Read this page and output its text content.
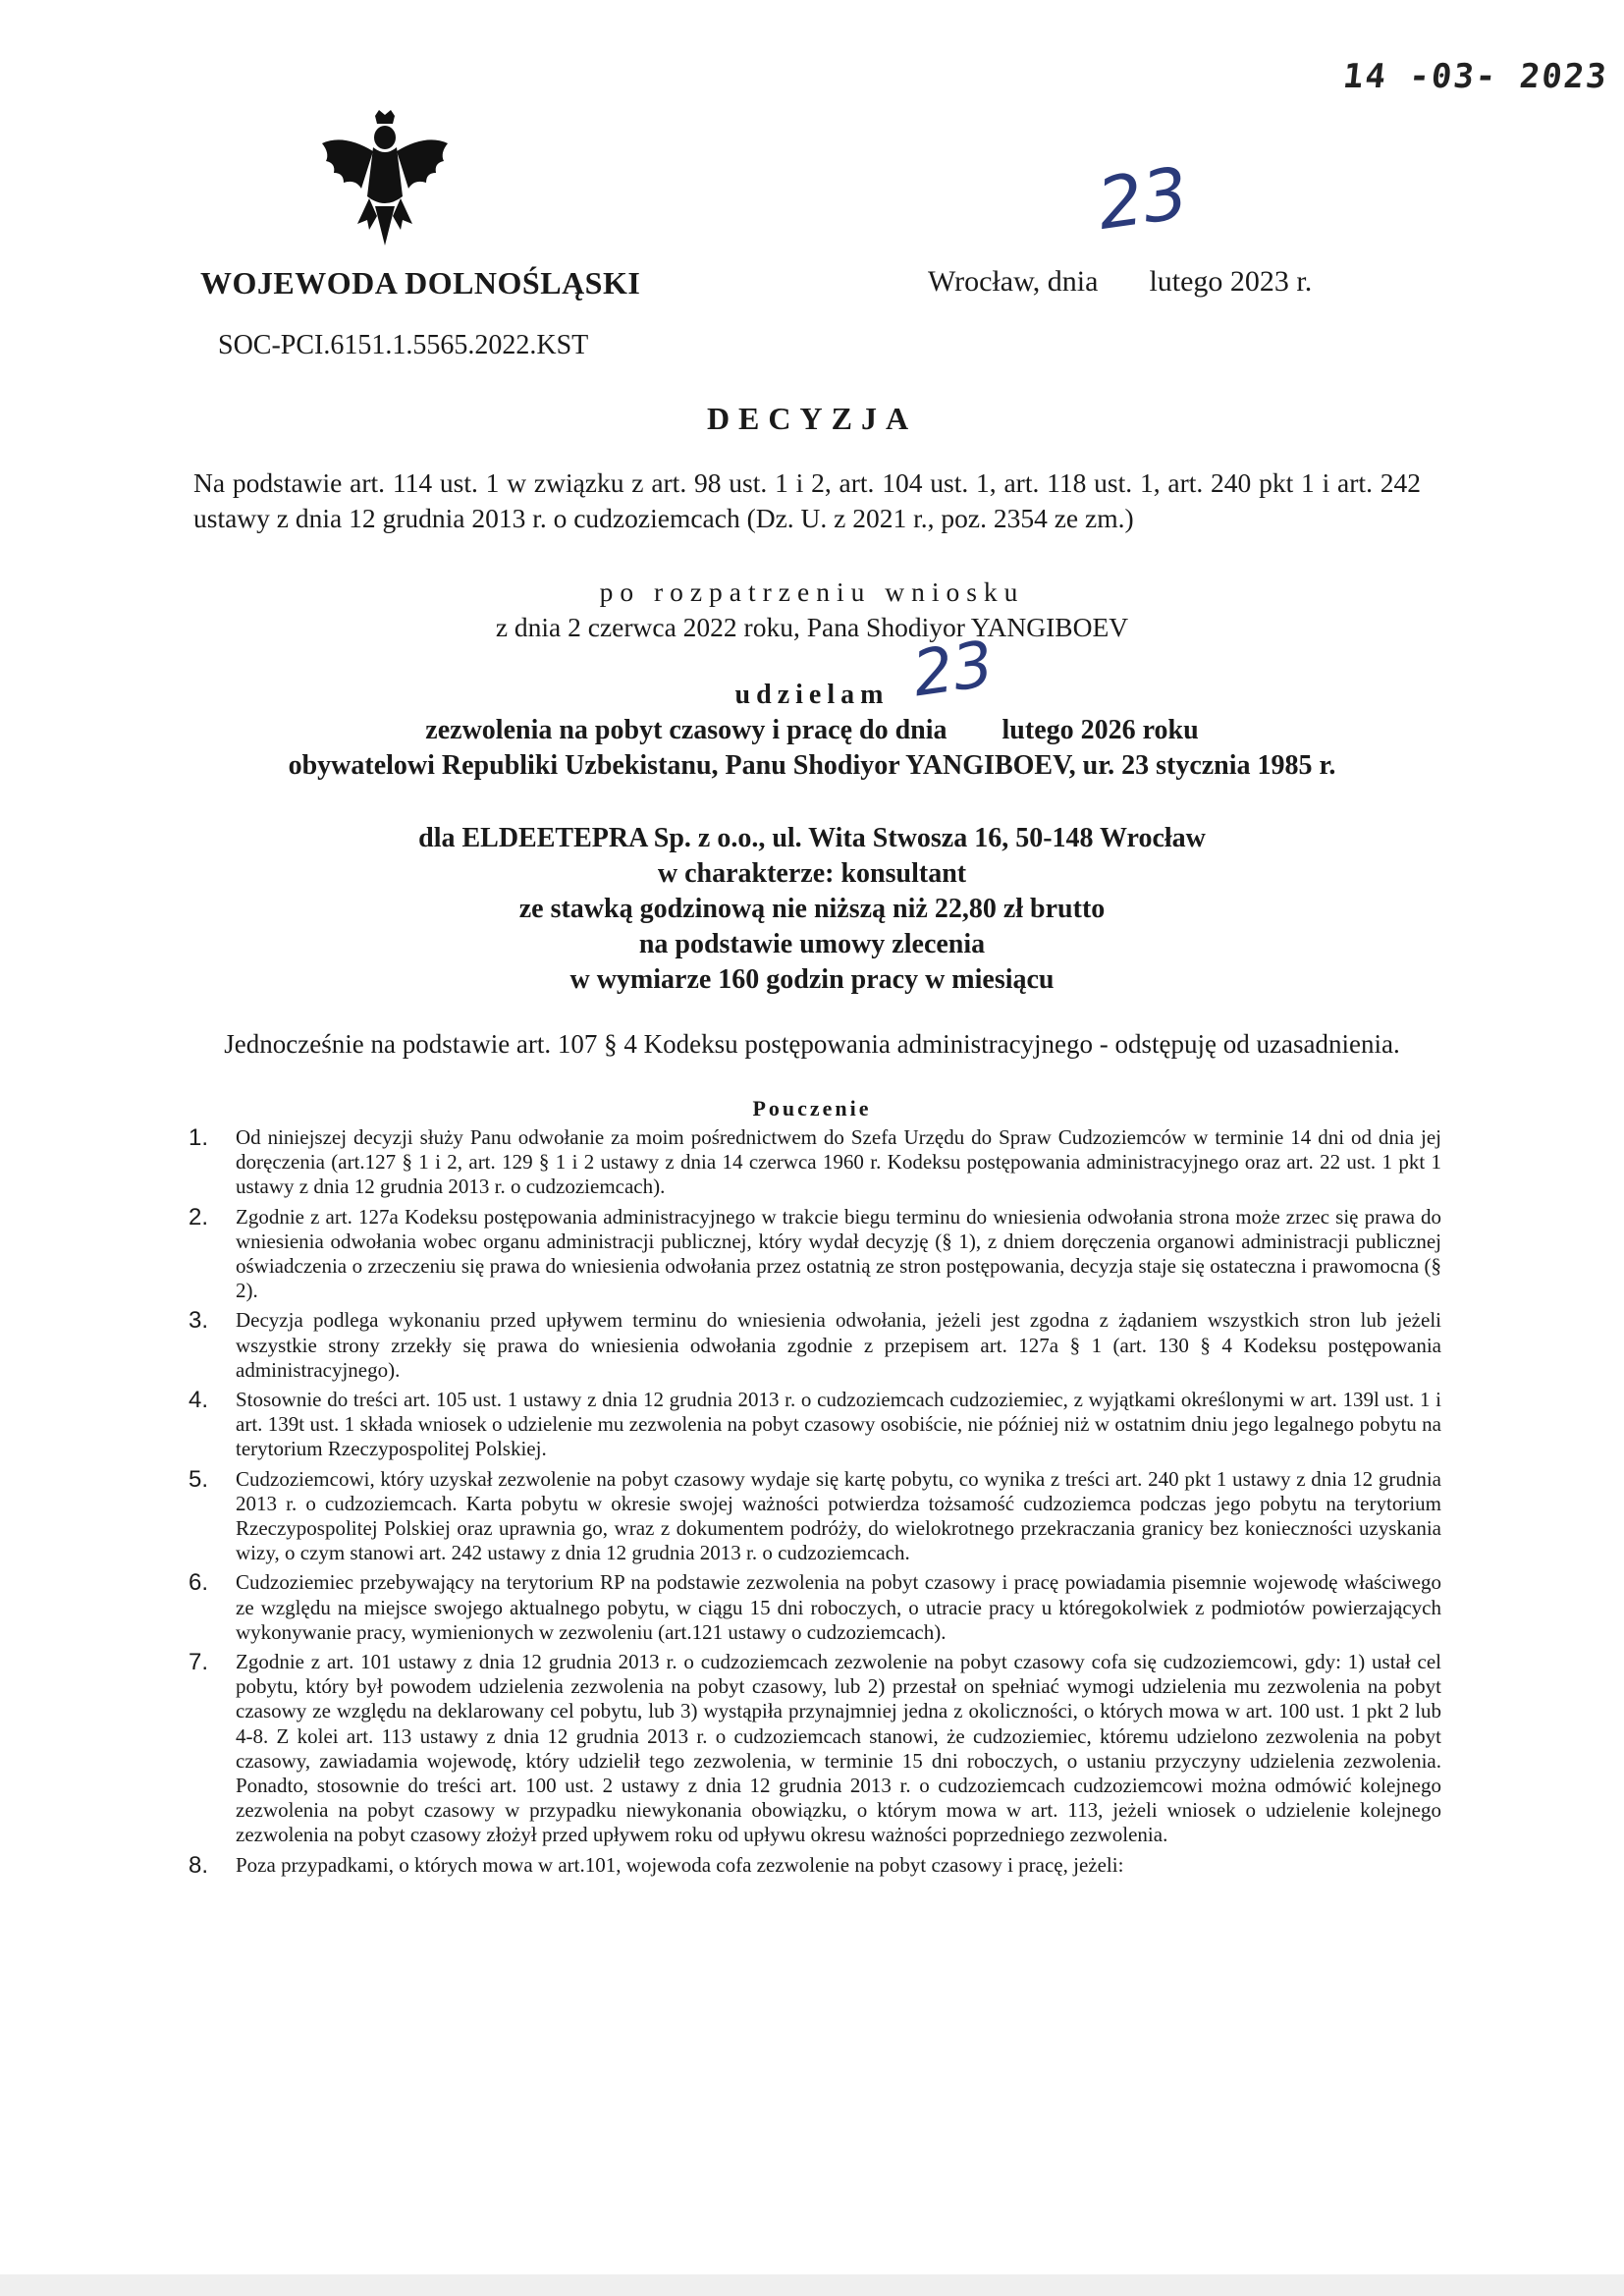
14 -03- 2023
23
WOJEWODA DOLNOŚLĄSKI	Wrocław, dnia lutego 2023 r.
SOC-PCI.6151.1.5565.2022.KST
DECYZJA
Na podstawie art. 114 ust. 1 w związku z art. 98 ust. 1 i 2, art. 104 ust. 1, art. 118 ust. 1, art. 240 pkt 1 i art. 242 ustawy z dnia 12 grudnia 2013 r. o cudzoziemcach (Dz. U. z 2021 r., poz. 2354 ze zm.)
po rozpatrzeniu wniosku
z dnia 2 czerwca 2022 roku, Pana Shodiyor YANGIBOEV
23
udzielam
zezwolenia na pobyt czasowy i pracę do dnia lutego 2026 roku
obywatelowi Republiki Uzbekistanu, Panu Shodiyor YANGIBOEV, ur. 23 stycznia 1985 r.
dla ELDEETEPRA Sp. z o.o., ul. Wita Stwosza 16, 50-148 Wrocław
w charakterze: konsultant
ze stawką godzinową nie niższą niż 22,80 zł brutto
na podstawie umowy zlecenia
w wymiarze 160 godzin pracy w miesiącu
Jednocześnie na podstawie art. 107 § 4 Kodeksu postępowania administracyjnego - odstępuję od uzasadnienia.
Pouczenie
1. Od niniejszej decyzji służy Panu odwołanie za moim pośrednictwem do Szefa Urzędu do Spraw Cudzoziemców w terminie 14 dni od dnia jej doręczenia (art.127 § 1 i 2, art. 129 § 1 i 2 ustawy z dnia 14 czerwca 1960 r. Kodeksu postępowania administracyjnego oraz art. 22 ust. 1 pkt 1 ustawy z dnia 12 grudnia 2013 r. o cudzoziemcach).
2. Zgodnie z art. 127a Kodeksu postępowania administracyjnego w trakcie biegu terminu do wniesienia odwołania strona może zrzec się prawa do wniesienia odwołania wobec organu administracji publicznej, który wydał decyzję (§ 1), z dniem doręczenia organowi administracji publicznej oświadczenia o zrzeczeniu się prawa do wniesienia odwołania przez ostatnią ze stron postępowania, decyzja staje się ostateczna i prawomocna (§ 2).
3. Decyzja podlega wykonaniu przed upływem terminu do wniesienia odwołania, jeżeli jest zgodna z żądaniem wszystkich stron lub jeżeli wszystkie strony zrzekły się prawa do wniesienia odwołania zgodnie z przepisem art. 127a § 1 (art. 130 § 4 Kodeksu postępowania administracyjnego).
4. Stosownie do treści art. 105 ust. 1 ustawy z dnia 12 grudnia 2013 r. o cudzoziemcach cudzoziemiec, z wyjątkami określonymi w art. 139l ust. 1 i art. 139t ust. 1 składa wniosek o udzielenie mu zezwolenia na pobyt czasowy osobiście, nie później niż w ostatnim dniu jego legalnego pobytu na terytorium Rzeczypospolitej Polskiej.
5. Cudzoziemcowi, który uzyskał zezwolenie na pobyt czasowy wydaje się kartę pobytu, co wynika z treści art. 240 pkt 1 ustawy z dnia 12 grudnia 2013 r. o cudzoziemcach. Karta pobytu w okresie swojej ważności potwierdza tożsamość cudzoziemca podczas jego pobytu na terytorium Rzeczypospolitej Polskiej oraz uprawnia go, wraz z dokumentem podróży, do wielokrotnego przekraczania granicy bez konieczności uzyskania wizy, o czym stanowi art. 242 ustawy z dnia 12 grudnia 2013 r. o cudzoziemcach.
6. Cudzoziemiec przebywający na terytorium RP na podstawie zezwolenia na pobyt czasowy i pracę powiadamia pisemnie wojewodę właściwego ze względu na miejsce swojego aktualnego pobytu, w ciągu 15 dni roboczych, o utracie pracy u któregokolwiek z podmiotów powierzających wykonywanie pracy, wymienionych w zezwoleniu (art.121 ustawy o cudzoziemcach).
7. Zgodnie z art. 101 ustawy z dnia 12 grudnia 2013 r. o cudzoziemcach zezwolenie na pobyt czasowy cofa się cudzoziemcowi, gdy: 1) ustał cel pobytu, który był powodem udzielenia zezwolenia na pobyt czasowy, lub 2) przestał on spełniać wymogi udzielenia mu zezwolenia na pobyt czasowy ze względu na deklarowany cel pobytu, lub 3) wystąpiła przynajmniej jedna z okoliczności, o których mowa w art. 100 ust. 1 pkt 2 lub 4-8. Z kolei art. 113 ustawy z dnia 12 grudnia 2013 r. o cudzoziemcach stanowi, że cudzoziemiec, któremu udzielono zezwolenia na pobyt czasowy, zawiadamia wojewodę, który udzielił tego zezwolenia, w terminie 15 dni roboczych, o ustaniu przyczyny udzielenia zezwolenia. Ponadto, stosownie do treści art. 100 ust. 2 ustawy z dnia 12 grudnia 2013 r. o cudzoziemcach cudzoziemcowi można odmówić kolejnego zezwolenia na pobyt czasowy w przypadku niewykonania obowiązku, o którym mowa w art. 113, jeżeli wniosek o udzielenie kolejnego zezwolenia na pobyt czasowy złożył przed upływem roku od upływu okresu ważności poprzedniego zezwolenia.
8. Poza przypadkami, o których mowa w art.101, wojewoda cofa zezwolenie na pobyt czasowy i pracę, jeżeli:
